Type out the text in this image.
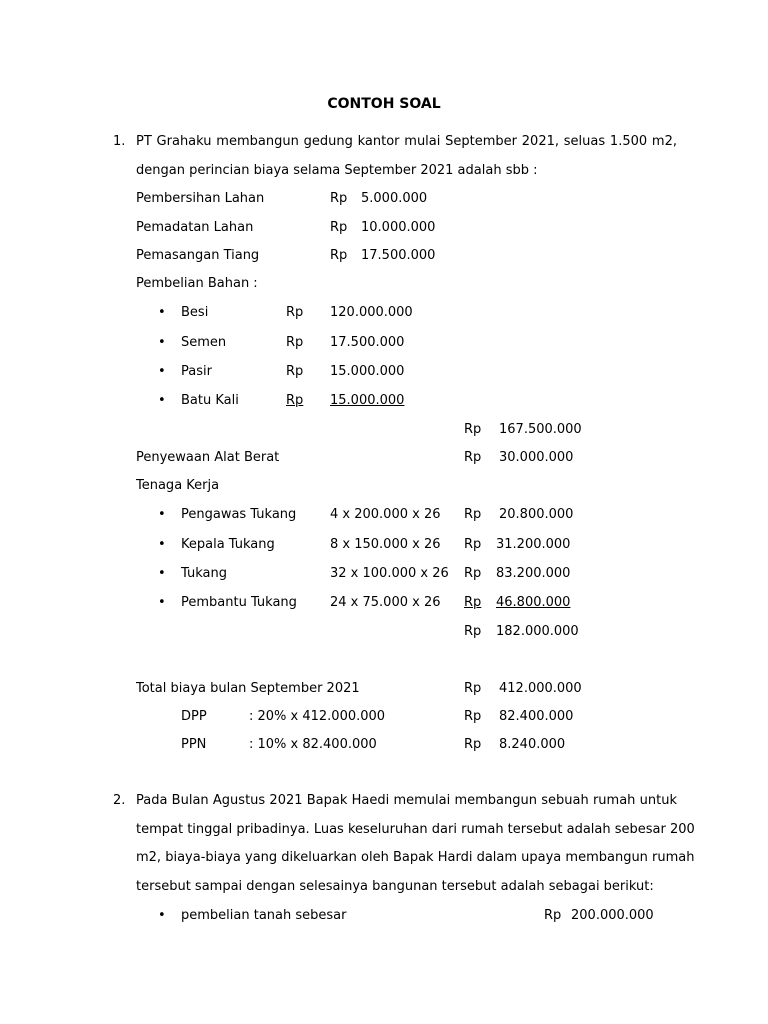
CONTOH SOAL
1. PT Grahaku membangun gedung kantor mulai September 2021, seluas 1.500 m2,
dengan perincian biaya selama September 2021 adalah sbb :
Pembersihan Lahan	Rp 5.000.000
Pemadatan Lahan	Rp 10.000.000
Pemasangan Tiang	Rp 17.500.000
Pembelian Bahan :
• Besi	Rp 120.000.000
• Semen	Rp 17.500.000
• Pasir	Rp 15.000.000
• Batu Kali	Rp	15.000.000
Rp 167.500.000
Penyewaan Alat Berat	Rp 30.000.000
Tenaga Kerja
• Pengawas Tukang	4 x 200.000 x 26 Rp 20.800.000
• Kepala Tukang	8 x 150.000 x 26 Rp 31.200.000
• Tukang	32 x 100.000 x 26 Rp 83.200.000
• Pembantu Tukang	24 x 75.000 x 26 Rp	46.800.000
Rp 182.000.000
Total biaya bulan September 2021	Rp 412.000.000
DPP	: 20% x 412.000.000	Rp 82.400.000
PPN	: 10% x 82.400.000	Rp 8.240.000
2. Pada Bulan Agustus 2021 Bapak Haedi memulai membangun sebuah rumah untuk
tempat tinggal pribadinya. Luas keseluruhan dari rumah tersebut adalah sebesar 200
m2, biaya-biaya yang dikeluarkan oleh Bapak Hardi dalam upaya membangun rumah
tersebut sampai dengan selesainya bangunan tersebut adalah sebagai berikut:
• pembelian tanah sebesar	Rp 200.000.000
